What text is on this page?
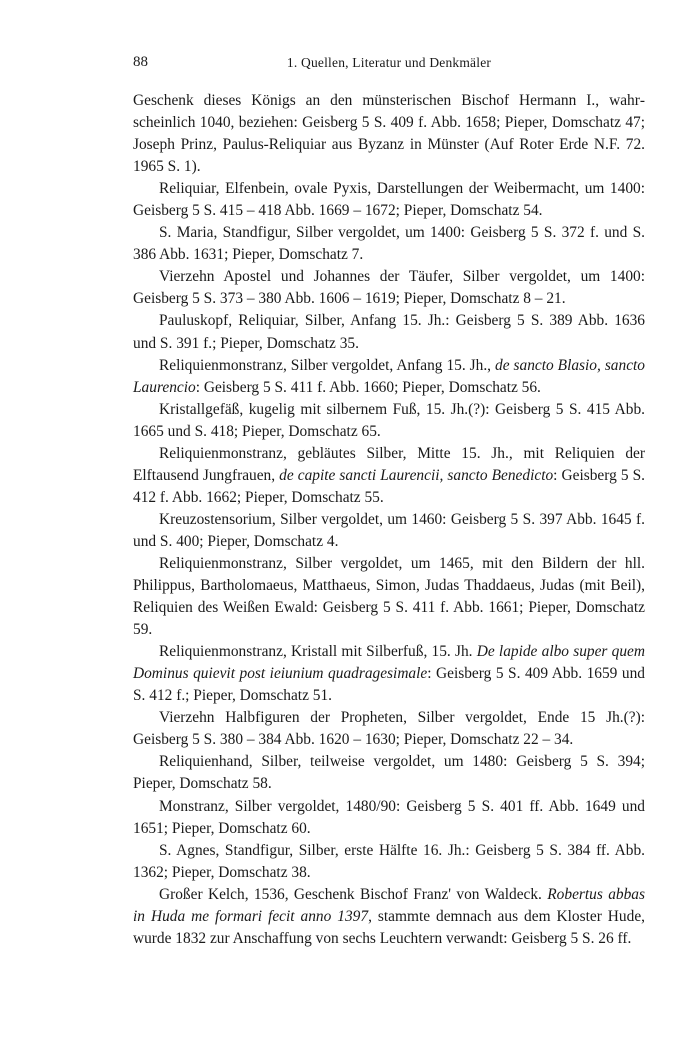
88	1. Quellen, Literatur und Denkmäler

Geschenk dieses Königs an den münsterischen Bischof Hermann I., wahrscheinlich 1040, beziehen: Geisberg 5 S. 409 f. Abb. 1658; Pieper, Domschatz 47; Joseph Prinz, Paulus-Reliquiar aus Byzanz in Münster (Auf Roter Erde N.F. 72. 1965 S. 1).

Reliquiar, Elfenbein, ovale Pyxis, Darstellungen der Weibermacht, um 1400: Geisberg 5 S. 415 – 418 Abb. 1669 – 1672; Pieper, Domschatz 54.

S. Maria, Standfigur, Silber vergoldet, um 1400: Geisberg 5 S. 372 f. und S. 386 Abb. 1631; Pieper, Domschatz 7.

Vierzehn Apostel und Johannes der Täufer, Silber vergoldet, um 1400: Geisberg 5 S. 373 – 380 Abb. 1606 – 1619; Pieper, Domschatz 8 – 21.

Pauluskopf, Reliquiar, Silber, Anfang 15. Jh.: Geisberg 5 S. 389 Abb. 1636 und S. 391 f.; Pieper, Domschatz 35.

Reliquienmonstranz, Silber vergoldet, Anfang 15. Jh., de sancto Blasio, sancto Laurencio: Geisberg 5 S. 411 f. Abb. 1660; Pieper, Domschatz 56.

Kristallgefäß, kugelig mit silbernem Fuß, 15. Jh.(?): Geisberg 5 S. 415 Abb. 1665 und S. 418; Pieper, Domschatz 65.

Reliquienmonstranz, gebläutes Silber, Mitte 15. Jh., mit Reliquien der Elftausend Jungfrauen, de capite sancti Laurencii, sancto Benedicto: Geisberg 5 S. 412 f. Abb. 1662; Pieper, Domschatz 55.

Kreuzostensorium, Silber vergoldet, um 1460: Geisberg 5 S. 397 Abb. 1645 f. und S. 400; Pieper, Domschatz 4.

Reliquienmonstranz, Silber vergoldet, um 1465, mit den Bildern der hll. Philippus, Bartholomaeus, Matthaeus, Simon, Judas Thaddaeus, Judas (mit Beil), Reliquien des Weißen Ewald: Geisberg 5 S. 411 f. Abb. 1661; Pieper, Domschatz 59.

Reliquienmonstranz, Kristall mit Silberfuß, 15. Jh. De lapide albo super quem Dominus quievit post ieiunium quadragesimale: Geisberg 5 S. 409 Abb. 1659 und S. 412 f.; Pieper, Domschatz 51.

Vierzehn Halbfiguren der Propheten, Silber vergoldet, Ende 15 Jh.(?): Geisberg 5 S. 380 – 384 Abb. 1620 – 1630; Pieper, Domschatz 22 – 34.

Reliquienhand, Silber, teilweise vergoldet, um 1480: Geisberg 5 S. 394; Pieper, Domschatz 58.

Monstranz, Silber vergoldet, 1480/90: Geisberg 5 S. 401 ff. Abb. 1649 und 1651; Pieper, Domschatz 60.

S. Agnes, Standfigur, Silber, erste Hälfte 16. Jh.: Geisberg 5 S. 384 ff. Abb. 1362; Pieper, Domschatz 38.

Großer Kelch, 1536, Geschenk Bischof Franz' von Waldeck. Robertus abbas in Huda me formari fecit anno 1397, stammte demnach aus dem Kloster Hude, wurde 1832 zur Anschaffung von sechs Leuchtern verwandt: Geisberg 5 S. 26 ff.
